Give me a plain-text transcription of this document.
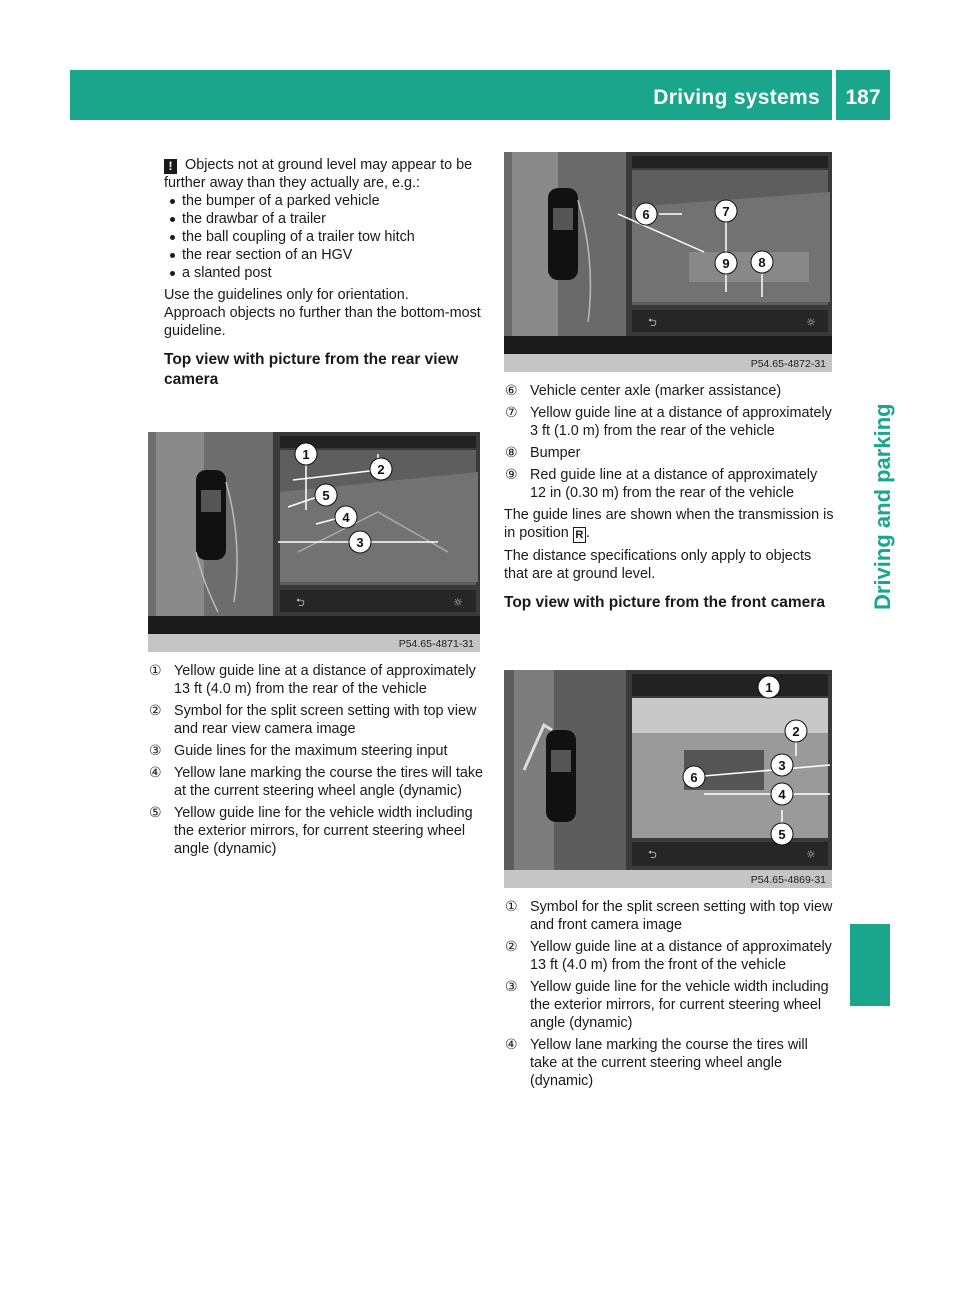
Driving systems	187
Driving and parking

! Objects not at ground level may appear to be further away than they actually are, e.g.:

the bumper of a parked vehicle

the drawbar of a trailer

the ball coupling of a trailer tow hitch

the rear section of an HGV

a slanted post

Use the guidelines only for orientation.

Approach objects no further than the bottom-most guideline.

Top view with picture from the rear view camera

⮌	☼
1
2
5
4
3
P54.65-4871-31

① Yellow guide line at a distance of approximately 13 ft (4.0 m) from the rear of the vehicle

② Symbol for the split screen setting with top view and rear view camera image

③ Guide lines for the maximum steering input

④ Yellow lane marking the course the tires will take at the current steering wheel angle (dynamic)

⑤ Yellow guide line for the vehicle width including the exterior mirrors, for current steering wheel angle (dynamic)

⮌	☼
6	7
9 8
P54.65-4872-31

⑥ Vehicle center axle (marker assistance)

⑦ Yellow guide line at a distance of approximately 3 ft (1.0 m) from the rear of the vehicle

⑧ Bumper

⑨ Red guide line at a distance of approximately 12 in (0.30 m) from the rear of the vehicle

The guide lines are shown when the transmission is in position R .

The distance specifications only apply to objects that are at ground level.

Top view with picture from the front camera

⮌	☼
1
2
3
6
4
5
P54.65-4869-31

① Symbol for the split screen setting with top view and front camera image

② Yellow guide line at a distance of approximately 13 ft (4.0 m) from the front of the vehicle

③ Yellow guide line for the vehicle width including the exterior mirrors, for current steering wheel angle (dynamic)

④ Yellow lane marking the course the tires will take at the current steering wheel angle (dynamic)
